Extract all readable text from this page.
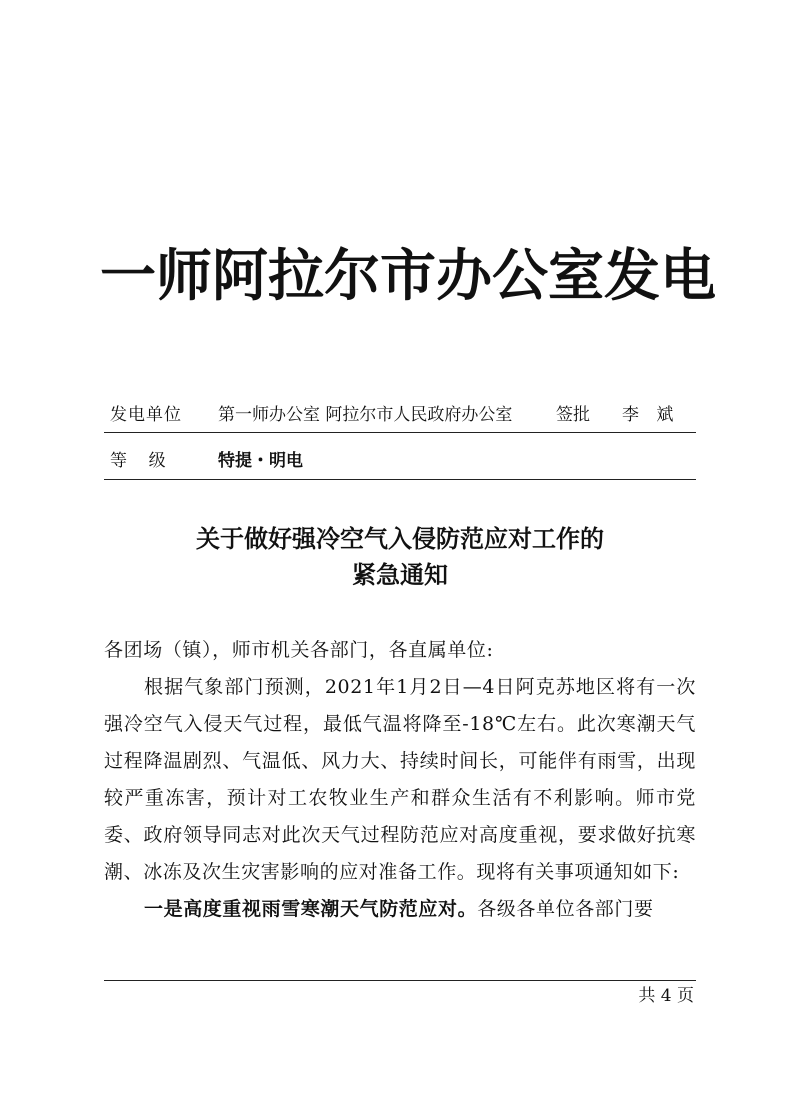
一师阿拉尔市办公室发电
发电单位 第一师办公室 阿拉尔市人民政府办公室	签批 李 斌
等    级	特提・明电
关于做好强冷空气入侵防范应对工作的
紧急通知

各团场（镇），师市机关各部门，各直属单位:

根据气象部门预测，2021年1月2日—4日阿克苏地区将有一次强冷空气入侵天气过程，最低气温将降至-18℃左右。此次寒潮天气过程降温剧烈、气温低、风力大、持续时间长，可能伴有雨雪，出现较严重冻害，预计对工农牧业生产和群众生活有不利影响。师市党委、政府领导同志对此次天气过程防范应对高度重视，要求做好抗寒潮、冰冻及次生灾害影响的应对准备工作。现将有关事项通知如下:

一是高度重视雨雪寒潮天气防范应对。各级各单位各部门要

共 4 页
